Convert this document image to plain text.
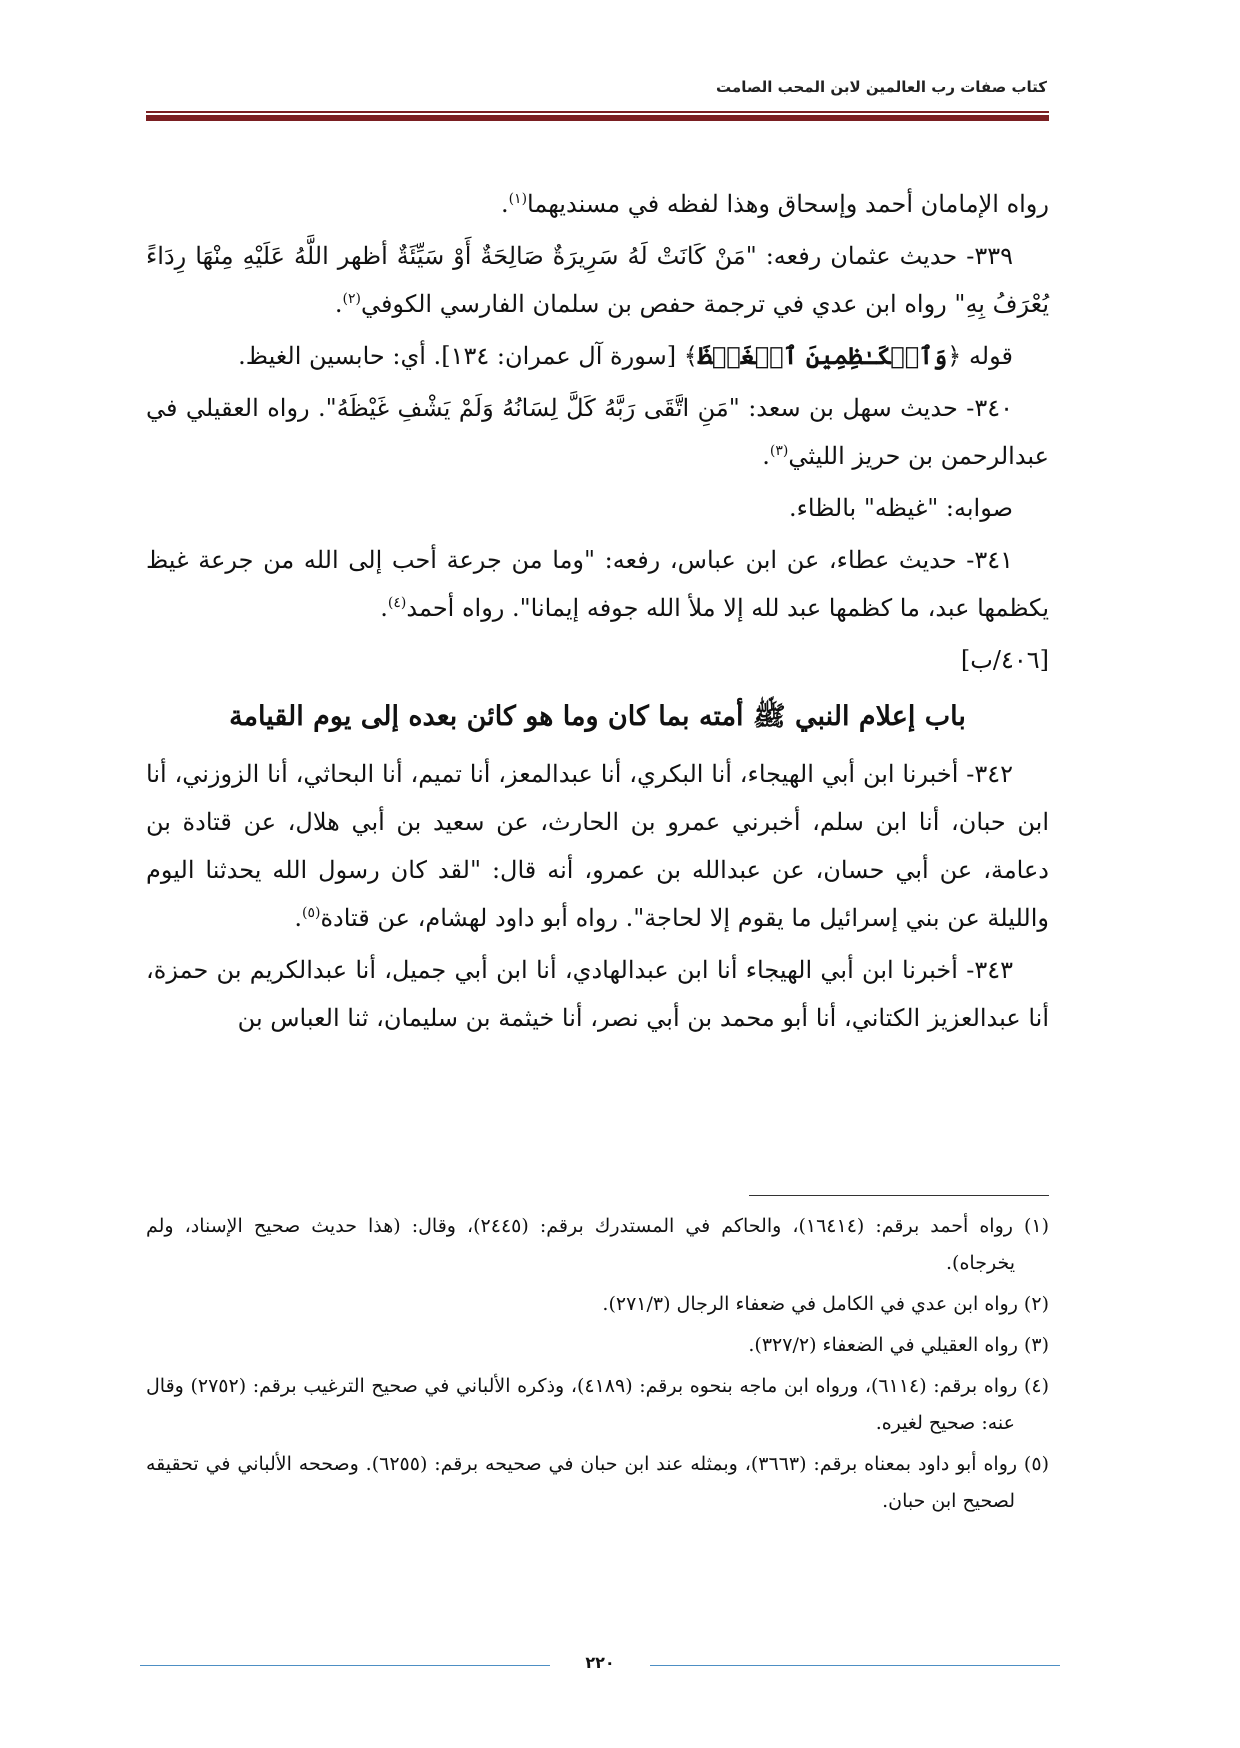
كتاب صفات رب العالمين لابن المحب الصامت

رواه الإمامان أحمد وإسحاق وهذا لفظه في مسنديهما$^{(١)}$.

٣٣٩- حديث عثمان رفعه: "مَنْ كَانَتْ لَهُ سَرِيرَةٌ صَالِحَةٌ أَوْ سَيِّئَةٌ أظهر اللَّهُ عَلَيْهِ مِنْهَا رِدَاءً يُعْرَفُ بِهِ" رواه ابن عدي في ترجمة حفص بن سلمان الفارسي الكوفي$^{(٢)}$.

قوله ﴿وَٱلۡكَـٰظِمِينَ ٱلۡغَيۡظَ﴾ [سورة آل عمران: ١٣٤]. أي: حابسين الغيظ.

٣٤٠- حديث سهل بن سعد: "مَنِ اتَّقَى رَبَّهُ كَلَّ لِسَانُهُ وَلَمْ يَشْفِ غَيْظَهُ". رواه العقيلي في عبدالرحمن بن حريز الليثي$^{(٣)}$.

صوابه: "غيظه" بالظاء.

٣٤١- حديث عطاء، عن ابن عباس، رفعه: "وما من جرعة أحب إلى الله من جرعة غيظ يكظمها عبد، ما كظمها عبد لله إلا ملأ الله جوفه إيمانا". رواه أحمد$^{(٤)}$.

[٤٠٦/ب]

باب إعلام النبي ﷺ أمته بما كان وما هو كائن بعده إلى يوم القيامة

٣٤٢- أخبرنا ابن أبي الهيجاء، أنا البكري، أنا عبدالمعز، أنا تميم، أنا البحاثي، أنا الزوزني، أنا ابن حبان، أنا ابن سلم، أخبرني عمرو بن الحارث، عن سعيد بن أبي هلال، عن قتادة بن دعامة، عن أبي حسان، عن عبدالله بن عمرو، أنه قال: "لقد كان رسول الله يحدثنا اليوم والليلة عن بني إسرائيل ما يقوم إلا لحاجة". رواه أبو داود لهشام، عن قتادة$^{(٥)}$.

٣٤٣- أخبرنا ابن أبي الهيجاء أنا ابن عبدالهادي، أنا ابن أبي جميل، أنا عبدالكريم بن حمزة، أنا عبدالعزيز الكتاني، أنا أبو محمد بن أبي نصر، أنا خيثمة بن سليمان، ثنا العباس بن

(١) رواه أحمد برقم: (١٦٤١٤)، والحاكم في المستدرك برقم: (٢٤٤٥)، وقال: (هذا حديث صحيح الإسناد، ولم يخرجاه).

(٢) رواه ابن عدي في الكامل في ضعفاء الرجال (٢٧١/٣).

(٣) رواه العقيلي في الضعفاء (٣٢٧/٢).

(٤) رواه برقم: (٦١١٤)، ورواه ابن ماجه بنحوه برقم: (٤١٨٩)، وذكره الألباني في صحيح الترغيب برقم: (٢٧٥٢) وقال عنه: صحيح لغيره.

(٥) رواه أبو داود بمعناه برقم: (٣٦٦٣)، وبمثله عند ابن حبان في صحيحه برقم: (٦٢٥٥). وصححه الألباني في تحقيقه لصحيح ابن حبان.

٢٢٠
